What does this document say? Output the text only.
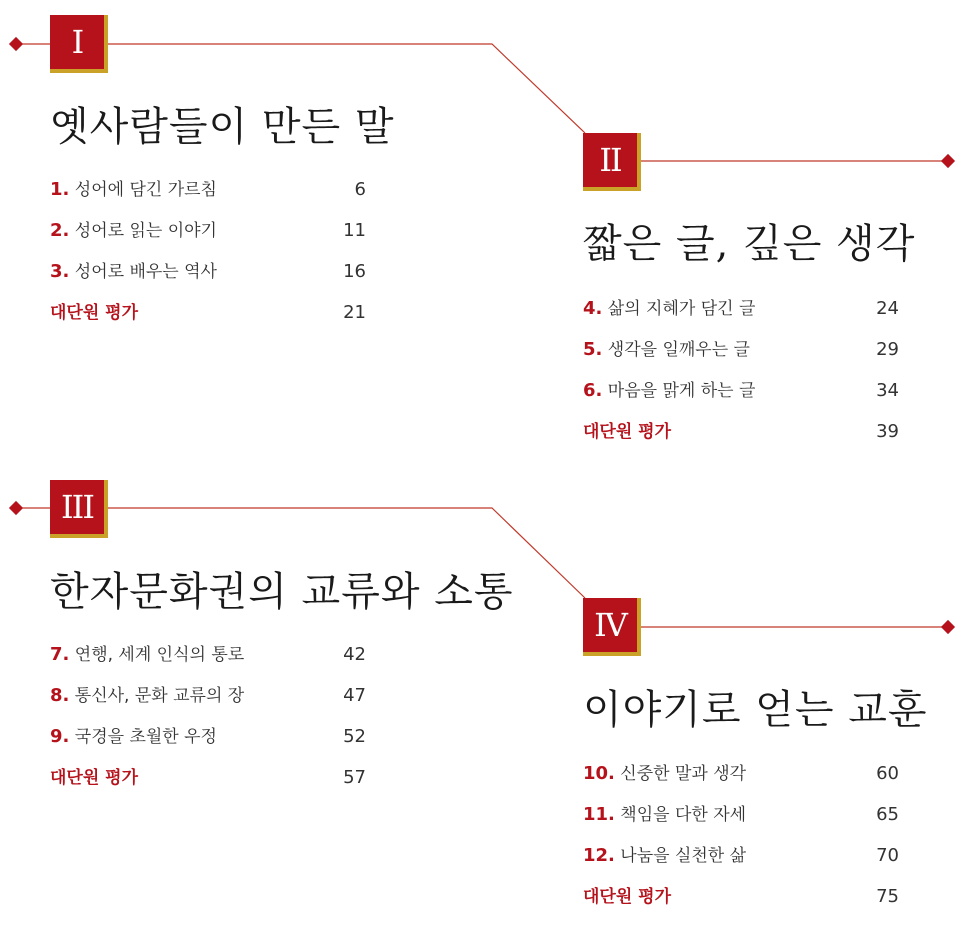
I
옛사람들이 만든 말
1. 성어에 담긴 가르침	6
2. 성어로 읽는 이야기	11
3. 성어로 배우는 역사	16
대단원 평가	21
II
짧은 글, 깊은 생각
4. 삶의 지혜가 담긴 글	24
5. 생각을 일깨우는 글	29
6. 마음을 맑게 하는 글	34
대단원 평가	39
III
한자문화권의 교류와 소통
7. 연행, 세계 인식의 통로	42
8. 통신사, 문화 교류의 장	47
9. 국경을 초월한 우정	52
대단원 평가	57
IV
이야기로 얻는 교훈
10. 신중한 말과 생각	60
11. 책임을 다한 자세	65
12. 나눔을 실천한 삶	70
대단원 평가	75
